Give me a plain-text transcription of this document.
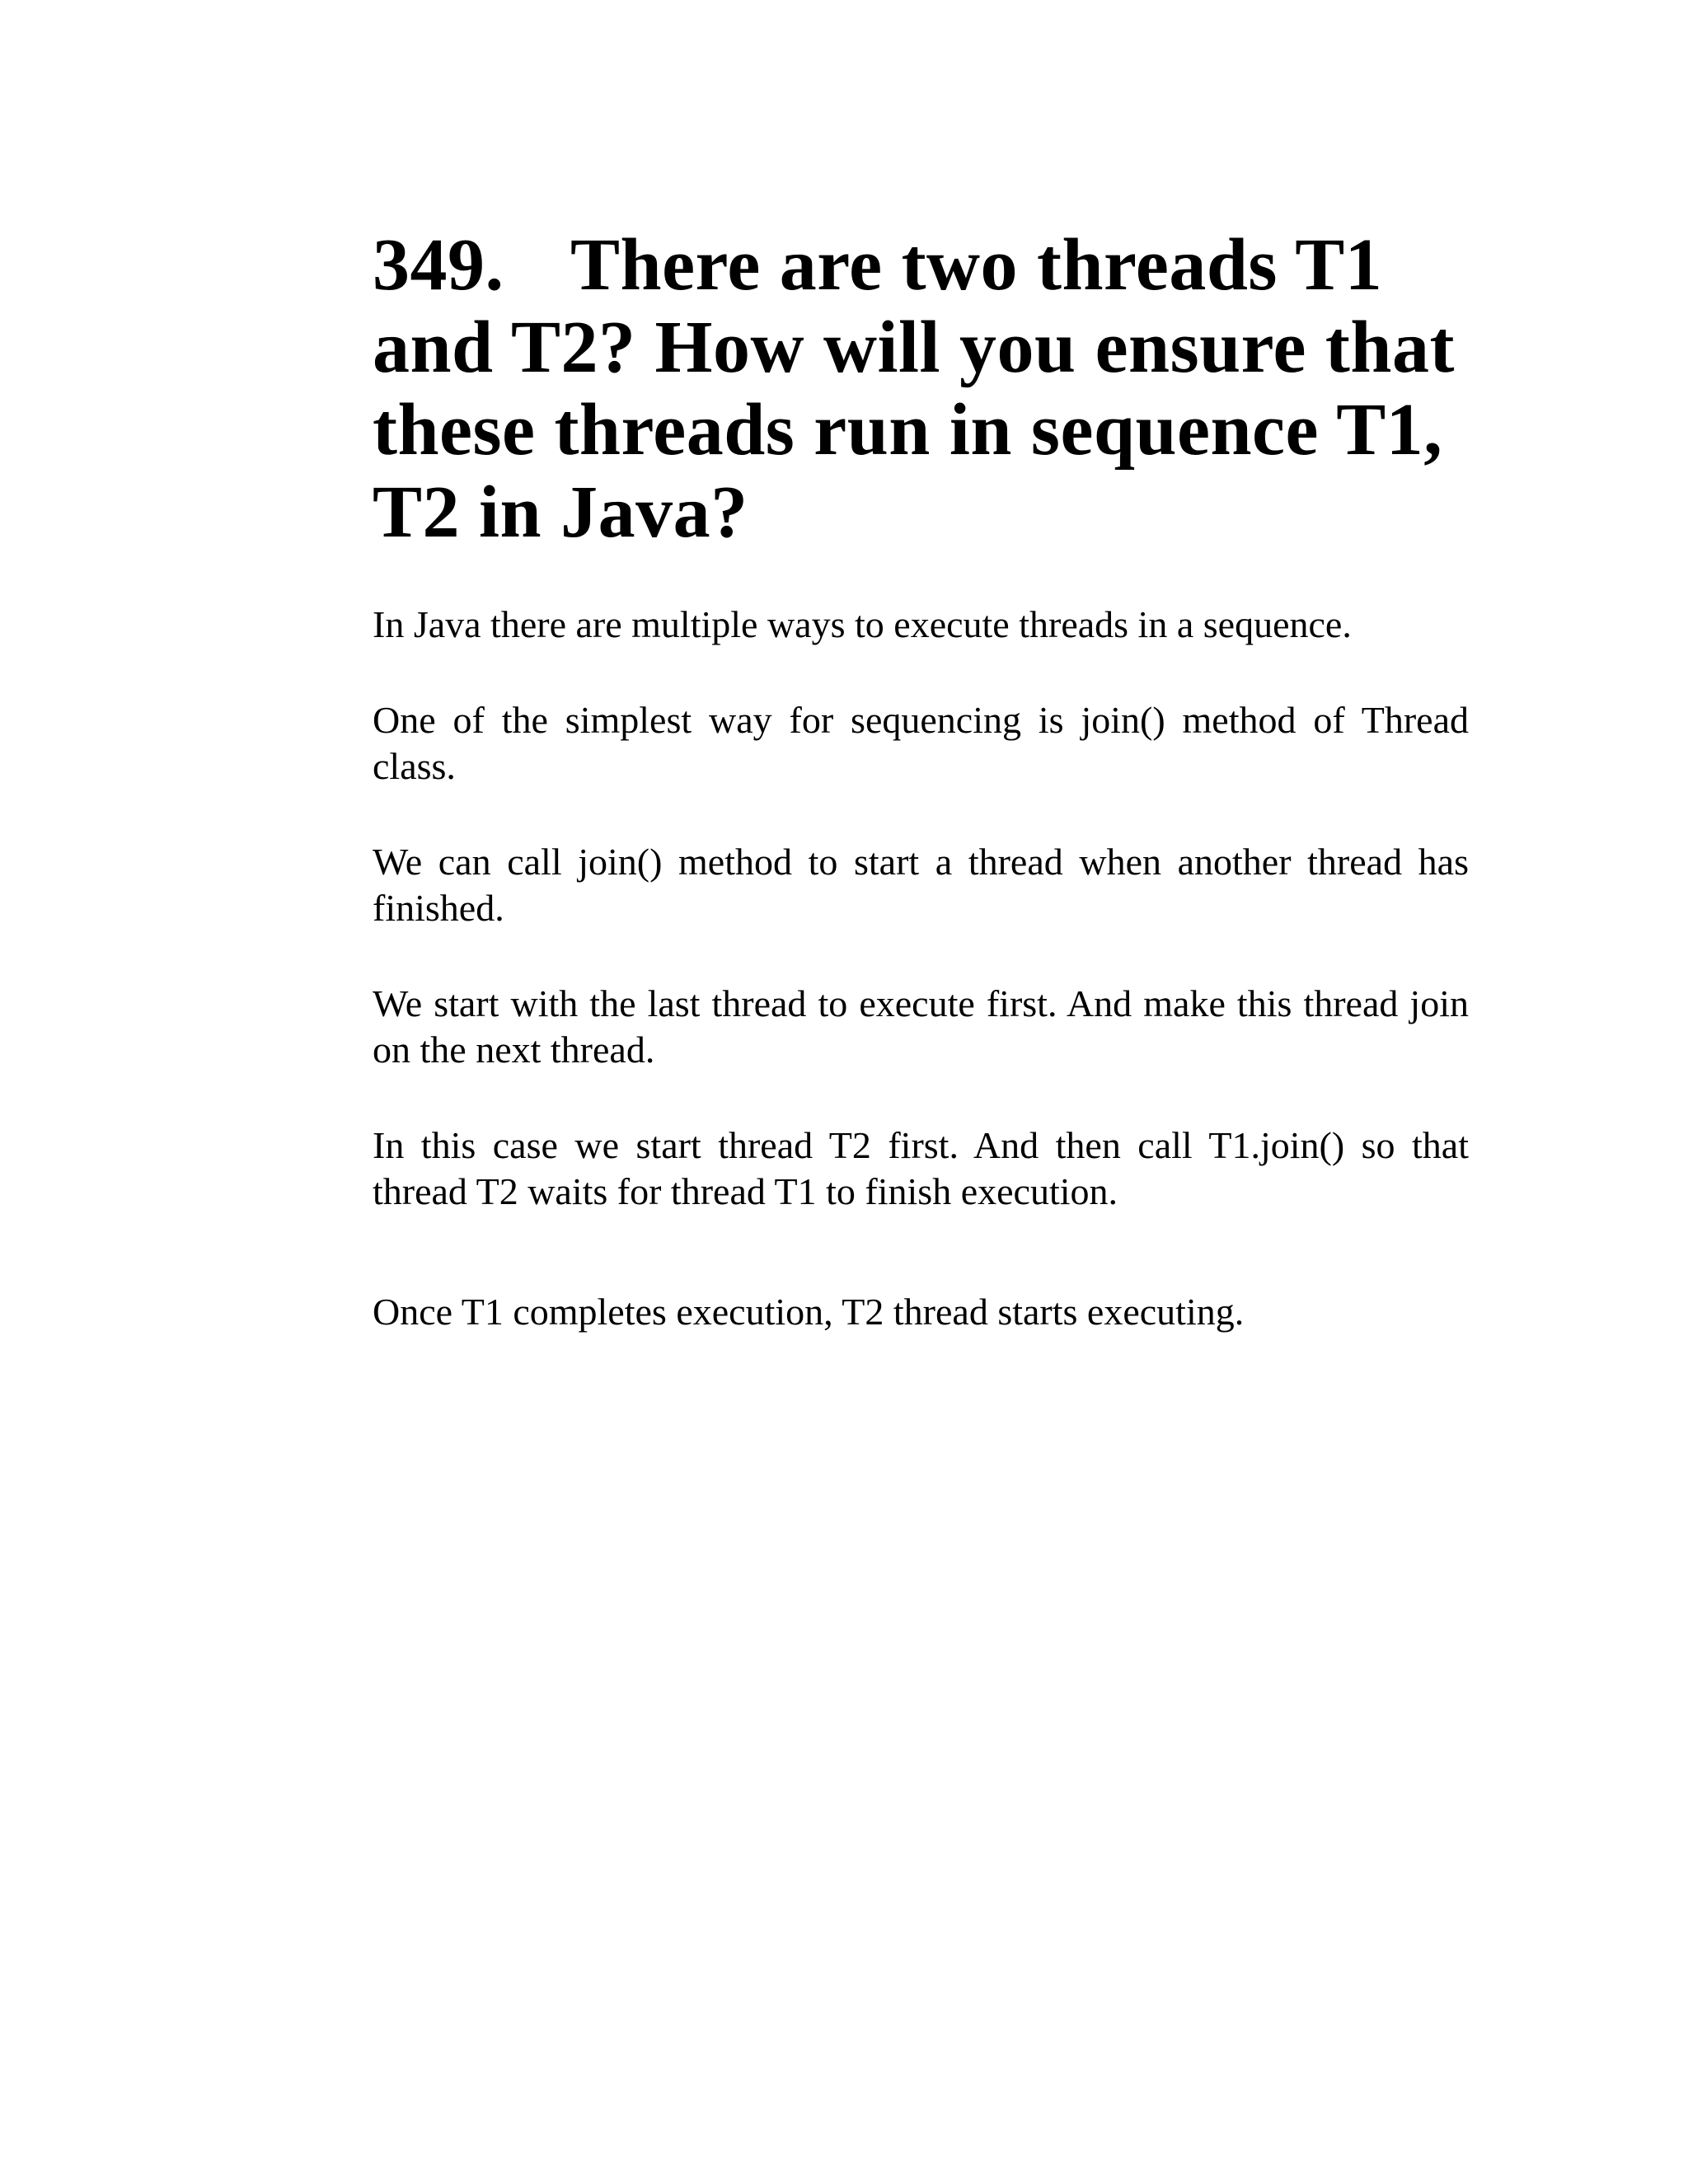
349. There are two threads T1 and T2? How will you ensure that these threads run in sequence T1, T2 in Java?

In Java there are multiple ways to execute threads in a sequence.

One of the simplest way for sequencing is join() method of Thread class.

We can call join() method to start a thread when another thread has finished.

We start with the last thread to execute first. And make this thread join on the next thread.

In this case we start thread T2 first. And then call T1.join() so that thread T2 waits for thread T1 to finish execution.

Once T1 completes execution, T2 thread starts executing.
